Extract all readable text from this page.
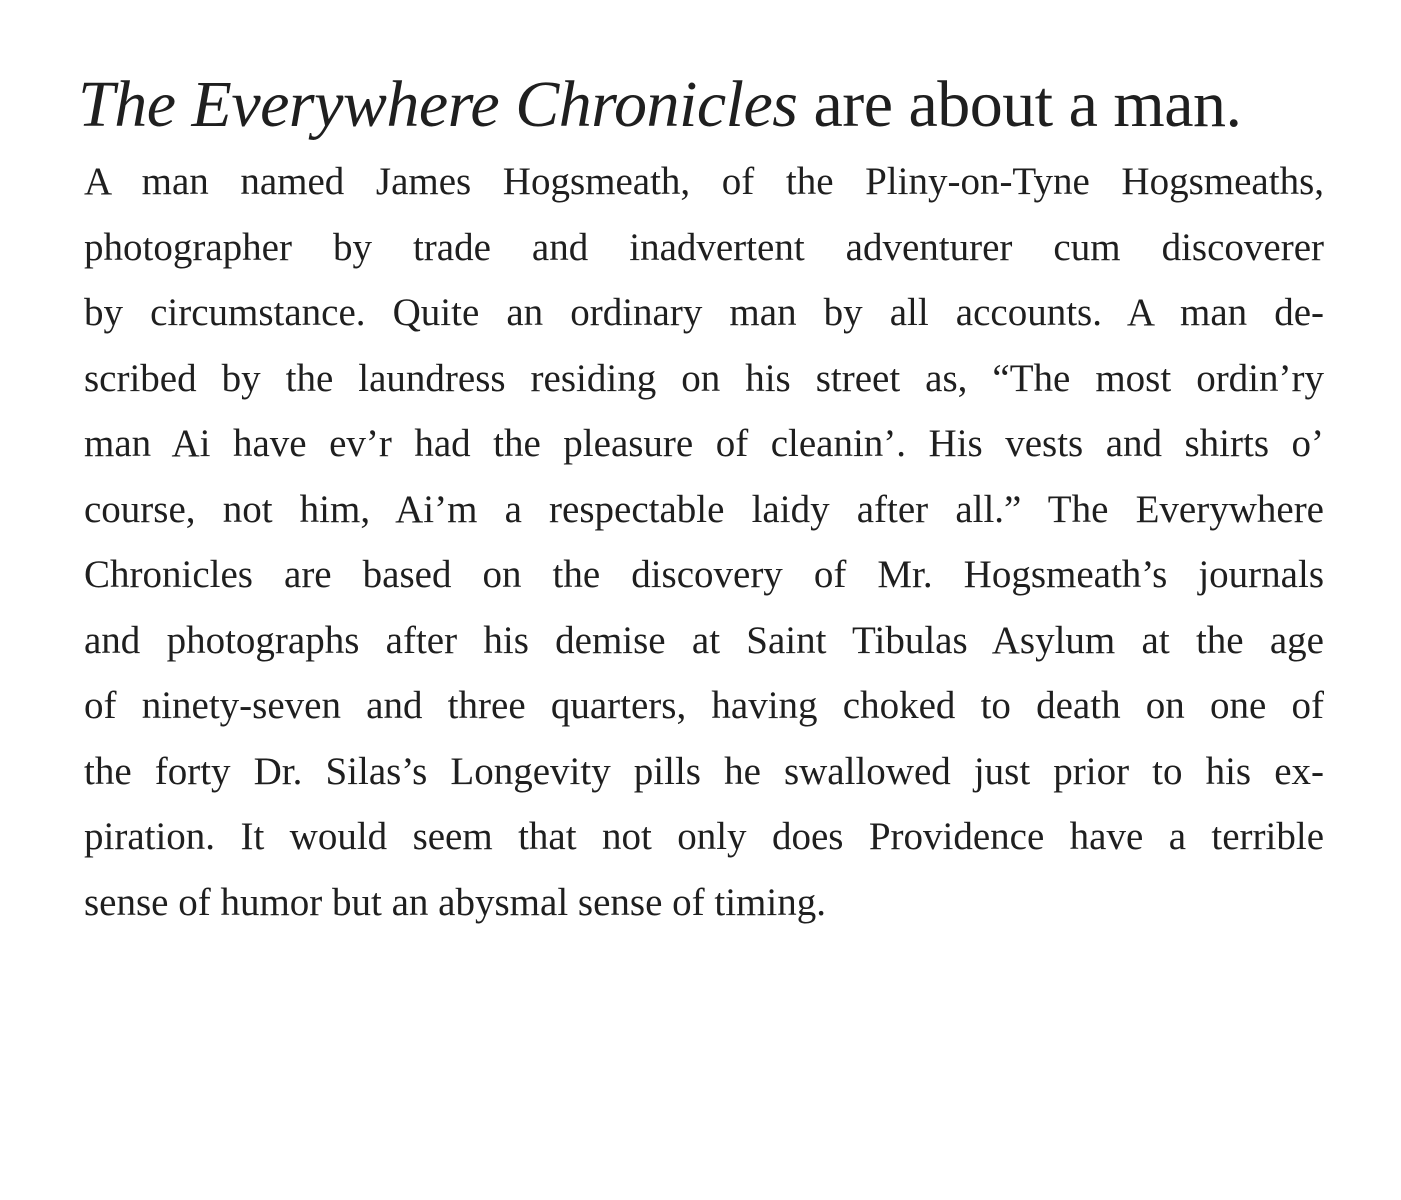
The Everywhere Chronicles are about a man.
A man named James Hogsmeath, of the Pliny-on-Tyne Hogsmeaths,
photographer by trade and inadvertent adventurer cum discoverer
by circumstance. Quite an ordinary man by all accounts. A man de-
scribed by the laundress residing on his street as, “The most ordin’ry
man Ai have ev’r had the pleasure of cleanin’. His vests and shirts o’
course, not him, Ai’m a respectable laidy after all.” The Everywhere
Chronicles are based on the discovery of Mr. Hogsmeath’s journals
and photographs after his demise at Saint Tibulas Asylum at the age
of ninety-seven and three quarters, having choked to death on one of
the forty Dr. Silas’s Longevity pills he swallowed just prior to his ex-
piration. It would seem that not only does Providence have a terrible
sense of humor but an abysmal sense of timing.
